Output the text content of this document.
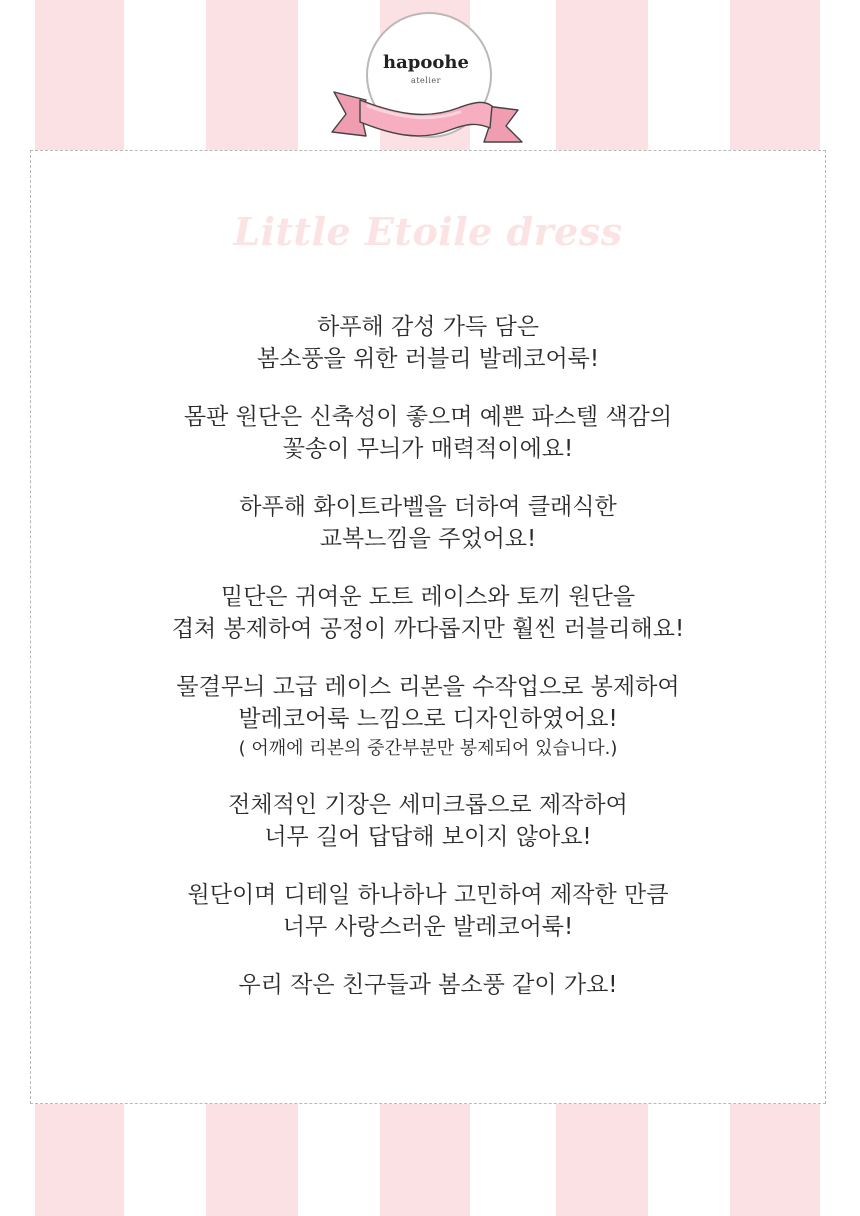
hapoohe
atelier
Little Etoile dress

하푸해 감성 가득 담은
봄소풍을 위한 러블리 발레코어룩!

몸판 원단은 신축성이 좋으며 예쁜 파스텔 색감의
꽃송이 무늬가 매력적이에요!

하푸해 화이트라벨을 더하여 클래식한
교복느낌을 주었어요!

밑단은 귀여운 도트 레이스와 토끼 원단을
겹쳐 봉제하여 공정이 까다롭지만 훨씬 러블리해요!

물결무늬 고급 레이스 리본을 수작업으로 봉제하여
발레코어룩 느낌으로 디자인하였어요!
( 어깨에 리본의 중간부분만 봉제되어 있습니다.)

전체적인 기장은 세미크롭으로 제작하여
너무 길어 답답해 보이지 않아요!

원단이며 디테일 하나하나 고민하여 제작한 만큼
너무 사랑스러운 발레코어룩!

우리 작은 친구들과 봄소풍 같이 가요!
